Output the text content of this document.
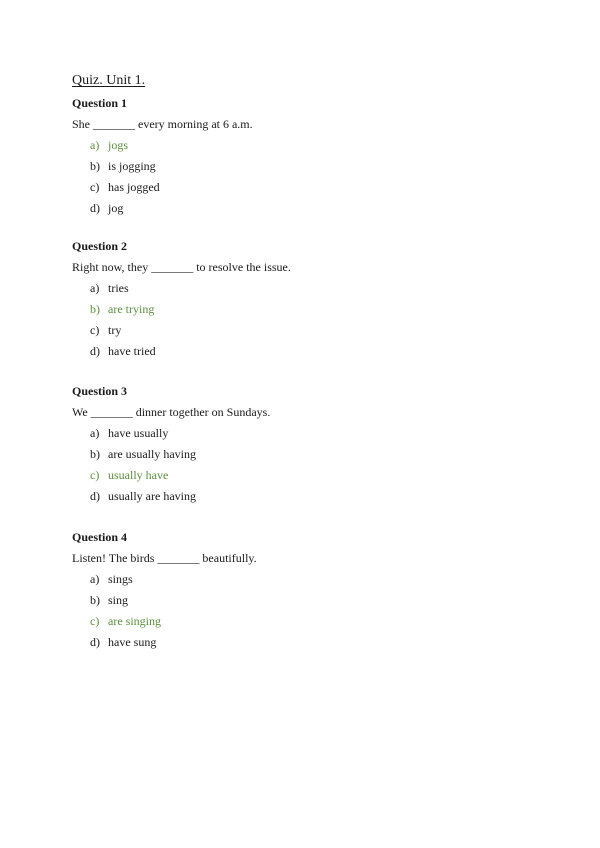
Quiz. Unit 1.
Question 1
She _______ every morning at 6 a.m.
a) jogs
b) is jogging
c) has jogged
d) jog
Question 2
Right now, they _______ to resolve the issue.
a) tries
b) are trying
c) try
d) have tried
Question 3
We _______ dinner together on Sundays.
a) have usually
b) are usually having
c) usually have
d) usually are having
Question 4
Listen! The birds _______ beautifully.
a) sings
b) sing
c) are singing
d) have sung
